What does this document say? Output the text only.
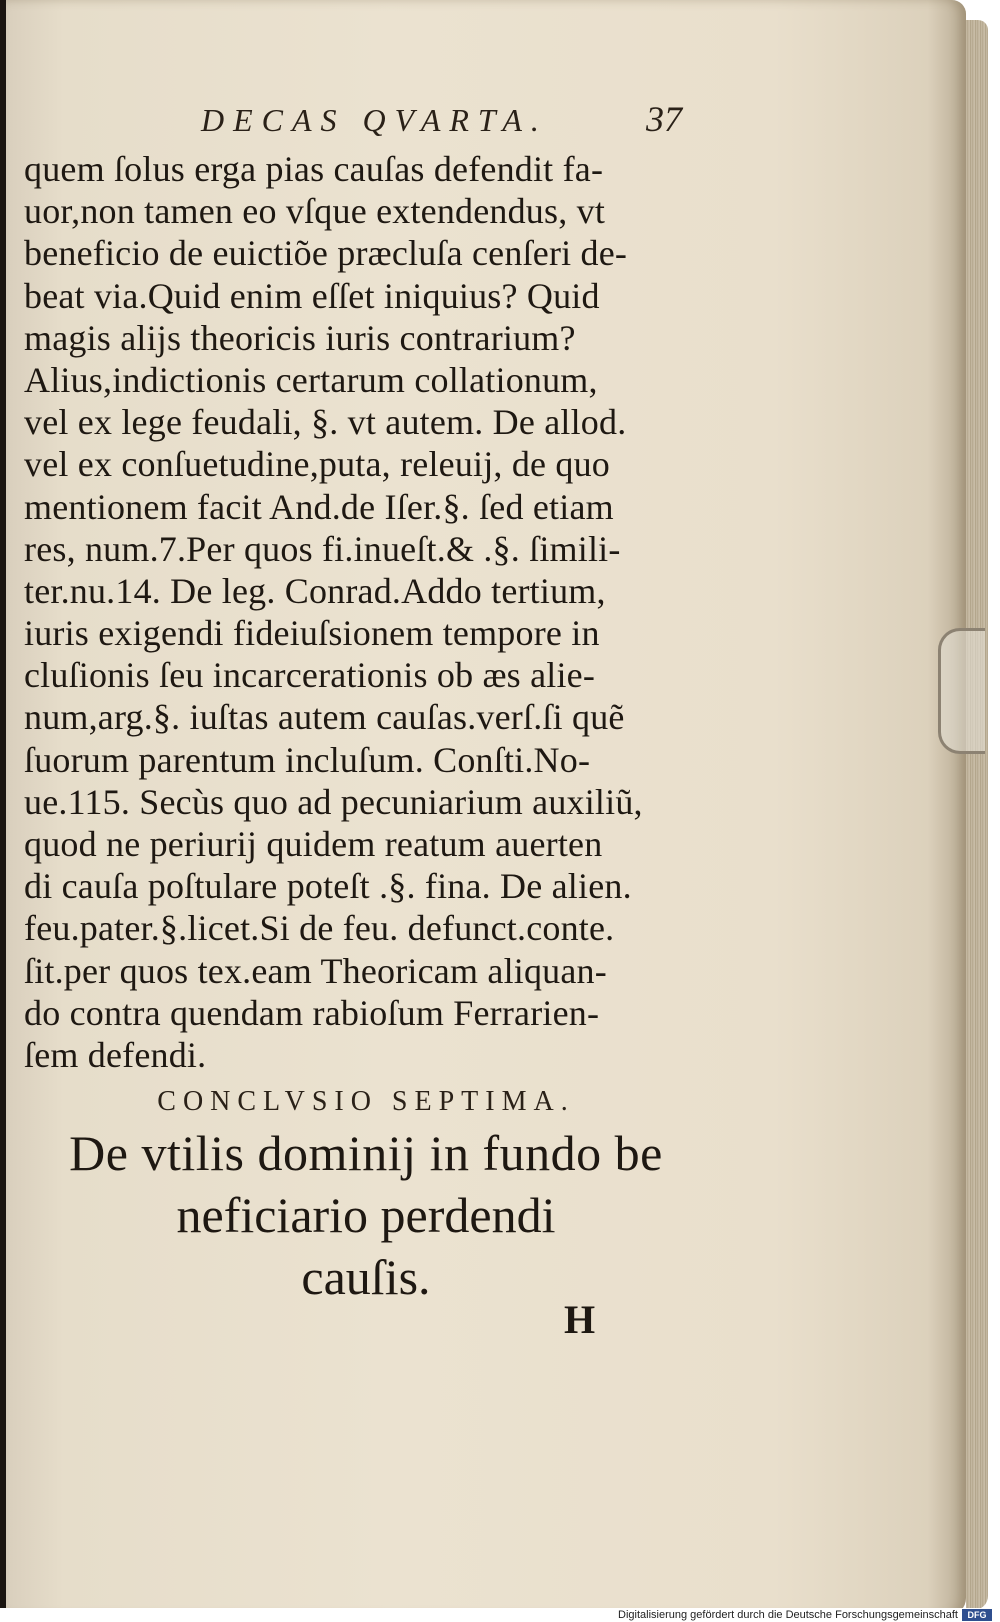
DECAS QVARTA.	37
quem ſolus erga pias cauſas defendit fa-
uor,non tamen eo vſque extendendus, vt
beneficio de euictiõe præcluſa cenſeri de-
beat via.Quid enim eſſet iniquius? Quid
magis alijs theoricis iuris contrarium?
Alius,indictionis certarum collationum,
vel ex lege feudali, §. vt autem. De allod.
vel ex conſuetudine,puta, releuij, de quo
mentionem facit And.de Iſer.§. ſed etiam
res, num.7.Per quos fi.inueſt.& .§. ſimili-
ter.nu.14. De leg. Conrad.Addo tertium,
iuris exigendi fideiuſsionem tempore in
cluſionis ſeu incarcerationis ob æs alie-
num,arg.§. iuſtas autem cauſas.verſ.ſi quẽ
ſuorum parentum incluſum. Conſti.No-
ue.115. Secùs quo ad pecuniarium auxiliũ,
quod ne periurij quidem reatum auerten
di cauſa poſtulare poteſt .§. fina. De alien.
feu.pater.§.licet.Si de feu. defunct.conte.
ſit.per quos tex.eam Theoricam aliquan-
do contra quendam rabioſum Ferrarien-
ſem defendi.
CONCLVSIO SEPTIMA.
De vtilis dominij in fundo be
neficiario perdendi
cauſis.
H
Digitalisierung gefördert durch die Deutsche Forschungsgemeinschaft	DFG
